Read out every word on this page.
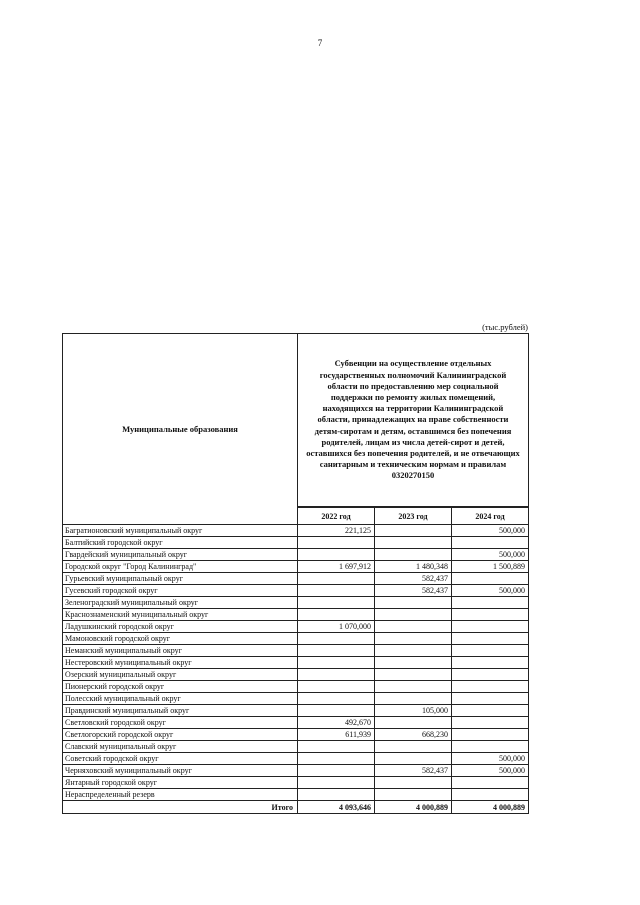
7
(тыс.рублей)
Муниципальные образования	Субвенции на осуществление отдельных государственных полномочий Калининградской области по предоставлению мер социальной поддержки по ремонту жилых помещений, находящихся на территории Калининградской области, принадлежащих на праве собственности детям-сиротам и детям, оставшимся без попечения родителей, лицам из числа детей-сирот и детей, оставшихся без попечения родителей, и не отвечающих санитарным и техническим нормам и правилам
0320270150		
	2022 год	2023 год	2024 год
Багратионовский муниципальный округ	221,125		500,000
Балтийский городской округ			
Гвардейский муниципальный округ			500,000
Городской округ "Город Калининград"	1 697,912	1 480,348	1 500,889
Гурьевский муниципальный округ		582,437	
Гусевский городской округ		582,437	500,000
Зеленоградский муниципальный округ			
Краснознаменский муниципальный округ			
Ладушкинский городской округ	1 070,000		
Мамоновский городской округ			
Неманский муниципальный округ			
Нестеровский муниципальный округ			
Озерский муниципальный округ			
Пионерский городской округ			
Полесский муниципальный округ			
Правдинский муниципальный округ		105,000	
Светловский городской округ	492,670		
Светлогорский городской округ	611,939	668,230	
Славский муниципальный округ			
Советский городской округ			500,000
Черняховский муниципальный округ		582,437	500,000
Янтарный городской округ			
Нераспределенный резерв			
Итого	4 093,646	4 000,889	4 000,889
